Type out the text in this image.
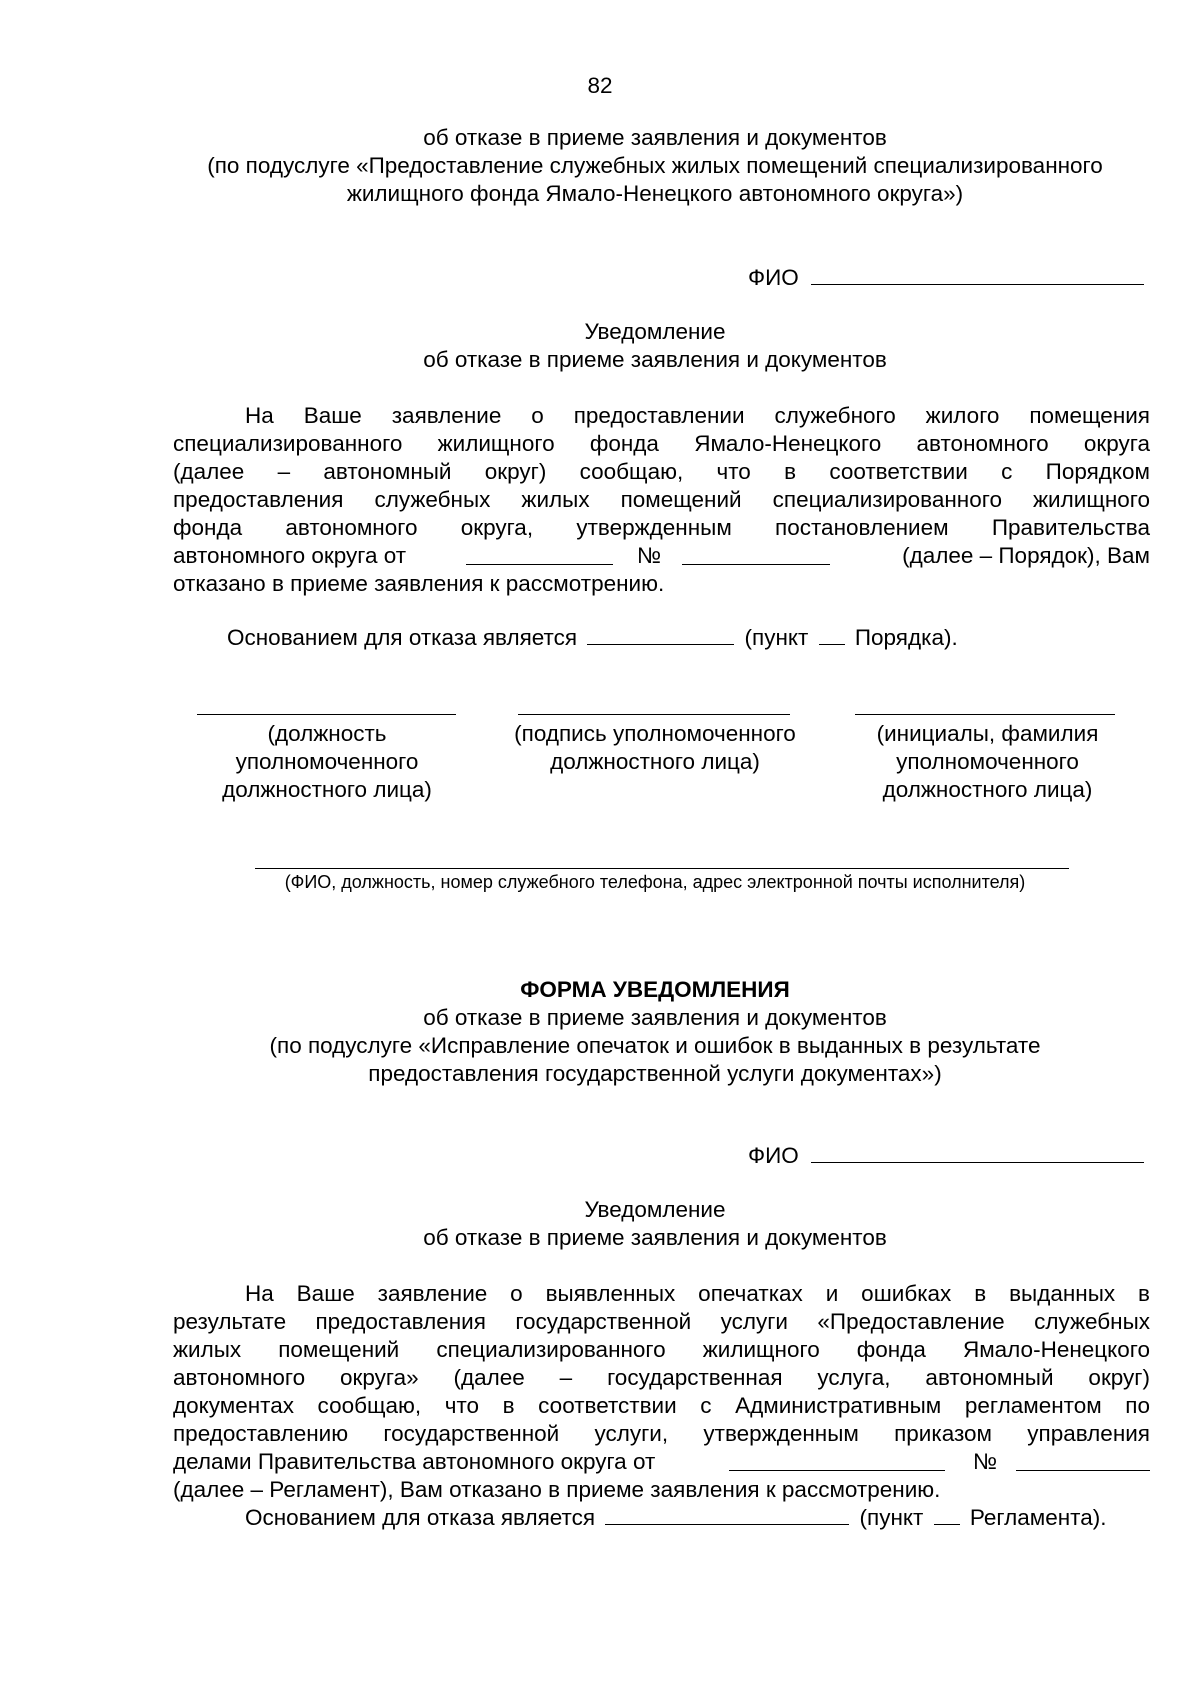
82
об отказе в приеме заявления и документов
(по подуслуге «Предоставление служебных жилых помещений специализированного
жилищного фонда Ямало-Ненецкого автономного округа»)
ФИО
Уведомление
об отказе в приеме заявления и документов
На Ваше заявление о предоставлении служебного жилого помещения
специализированного жилищного фонда Ямало-Ненецкого автономного округа
(далее – автономный округ) сообщаю, что в соответствии с Порядком
предоставления служебных жилых помещений специализированного жилищного
фонда автономного округа, утвержденным постановлением Правительства
автономного округа от	№	(далее – Порядок), Вам
отказано в приеме заявления к рассмотрению.
Основанием для отказа является	(пункт Порядка).
(должность
уполномоченного
должностного лица)
(подпись уполномоченного
должностного лица)
(инициалы, фамилия
уполномоченного
должностного лица)
(ФИО, должность, номер служебного телефона, адрес электронной почты исполнителя)
ФОРМА УВЕДОМЛЕНИЯ
об отказе в приеме заявления и документов
(по подуслуге «Исправление опечаток и ошибок в выданных в результате
предоставления государственной услуги документах»)
ФИО
Уведомление
об отказе в приеме заявления и документов
На Ваше заявление о выявленных опечатках и ошибках в выданных в
результате предоставления государственной услуги «Предоставление служебных
жилых помещений специализированного жилищного фонда Ямало-Ненецкого
автономного округа» (далее – государственная услуга, автономный округ)
документах сообщаю, что в соответствии с Административным регламентом по
предоставлению государственной услуги, утвержденным приказом управления
делами Правительства автономного округа от	№
(далее – Регламент), Вам отказано в приеме заявления к рассмотрению.
Основанием для отказа является	(пункт Регламента).
